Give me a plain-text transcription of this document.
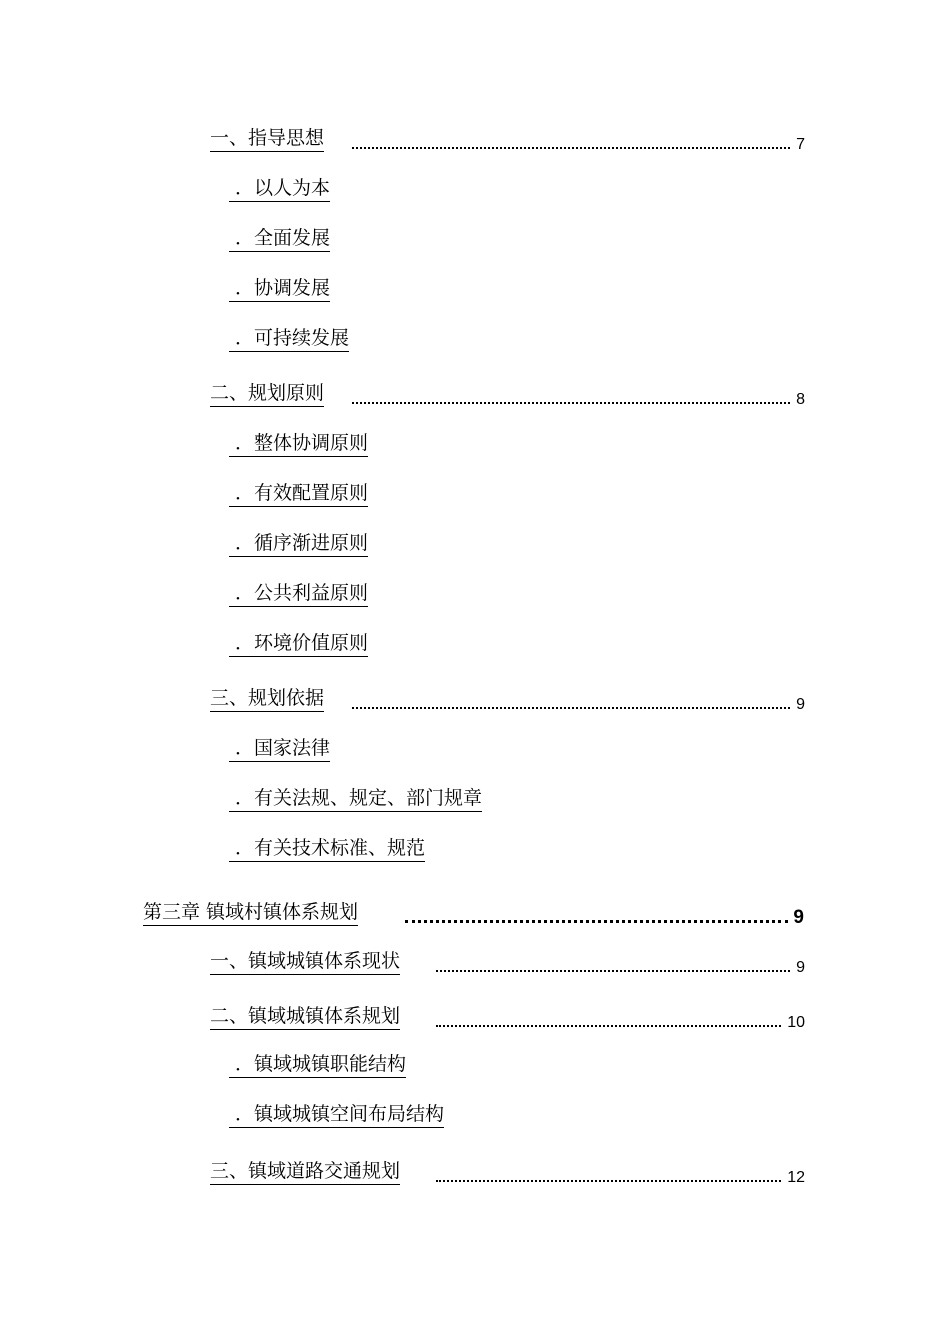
一、指导思想	7
．以人为本
．全面发展
．协调发展
．可持续发展
二、规划原则	8
．整体协调原则
．有效配置原则
．循序渐进原则
．公共利益原则
．环境价值原则
三、规划依据	9
．国家法律
．有关法规、规定、部门规章
．有关技术标准、规范
第三章 镇域村镇体系规划	9
一、镇域城镇体系现状	9
二、镇域城镇体系规划	10
．镇域城镇职能结构
．镇域城镇空间布局结构
三、镇域道路交通规划	12
